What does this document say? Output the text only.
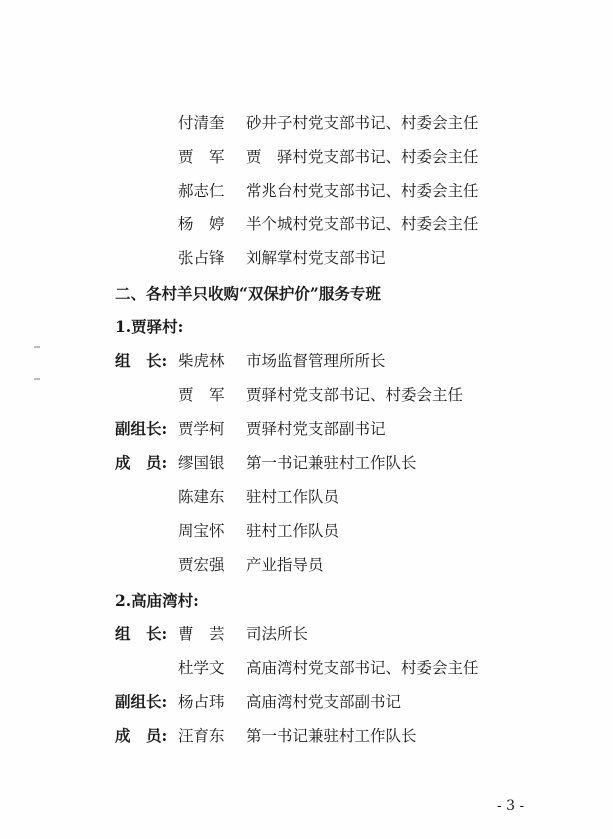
付清奎 砂井子村党支部书记、村委会主任
贾　军 贾　驿村党支部书记、村委会主任
郝志仁 常兆台村党支部书记、村委会主任
杨　婷 半个城村党支部书记、村委会主任
张占锋 刘解掌村党支部书记
二、各村羊只收购“双保护价”服务专班
1.贾驿村:
组　长: 柴虎林 市场监督管理所所长
贾　军 贾驿村党支部书记、村委会主任
副组长: 贾学柯 贾驿村党支部副书记
成　员: 缪国银 第一书记兼驻村工作队长
陈建东 驻村工作队员
周宝怀 驻村工作队员
贾宏强 产业指导员
2.高庙湾村:
组　长: 曹　芸 司法所长
杜学文 高庙湾村党支部书记、村委会主任
副组长: 杨占玮 高庙湾村党支部副书记
成　员: 汪育东 第一书记兼驻村工作队长
- 3 -
